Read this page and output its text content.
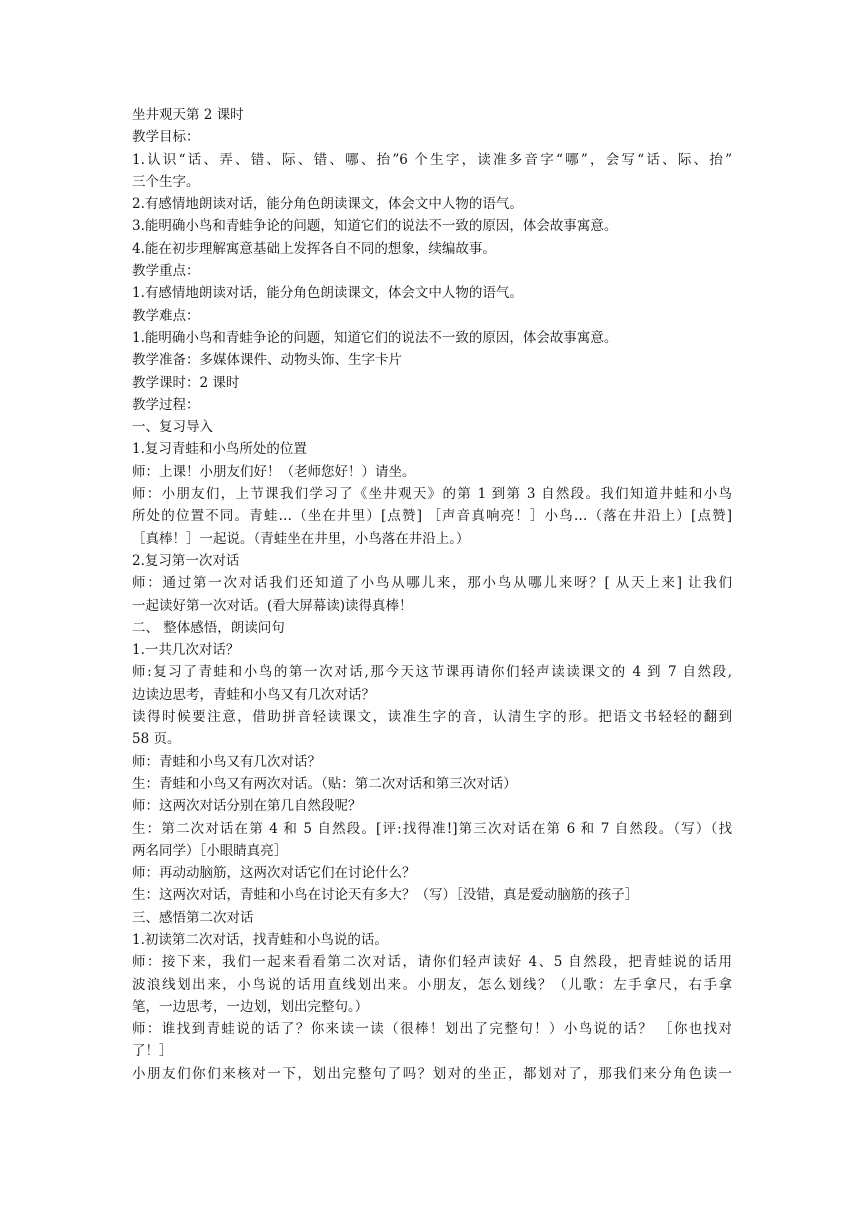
坐井观天第 2 课时
教学目标：
1.认识“话、弄、错、际、错、哪、抬”6 个生字，读准多音字“哪”，会写“话、际、抬”
三个生字。
2.有感情地朗读对话，能分角色朗读课文，体会文中人物的语气。
3.能明确小鸟和青蛙争论的问题，知道它们的说法不一致的原因，体会故事寓意。
4.能在初步理解寓意基础上发挥各自不同的想象，续编故事。
教学重点：
1.有感情地朗读对话，能分角色朗读课文，体会文中人物的语气。
教学难点：
1.能明确小鸟和青蛙争论的问题，知道它们的说法不一致的原因，体会故事寓意。
教学准备：多媒体课件、动物头饰、生字卡片
教学课时：2 课时
教学过程：
一、复习导入
1.复习青蛙和小鸟所处的位置
师：上课！小朋友们好！（老师您好！）请坐。
师：小朋友们，上节课我们学习了《坐井观天》的第 1 到第 3 自然段。我们知道井蛙和小鸟
所处的位置不同。青蛙…（坐在井里）[点赞] ［声音真响亮！］小鸟…（落在井沿上）[点赞]
［真棒！］一起说。（青蛙坐在井里，小鸟落在井沿上。）
2.复习第一次对话
师：通过第一次对话我们还知道了小鸟从哪儿来，那小鸟从哪儿来呀？[ 从天上来] 让我们
一起读好第一次对话。(看大屏幕读)读得真棒！
二、 整体感悟，朗读问句
1.一共几次对话？
师:复习了青蛙和小鸟的第一次对话,那今天这节课再请你们轻声读读课文的 4 到 7 自然段,
边读边思考，青蛙和小鸟又有几次对话？
读得时候要注意，借助拼音轻读课文，读准生字的音，认清生字的形。把语文书轻轻的翻到
58 页。
师：青蛙和小鸟又有几次对话？
生：青蛙和小鸟又有两次对话。（贴：第二次对话和第三次对话）
师：这两次对话分别在第几自然段呢？
生：第二次对话在第 4 和 5 自然段。[评:找得准!]第三次对话在第 6 和 7 自然段。（写）（找
两名同学）［小眼睛真亮］
师：再动动脑筋，这两次对话它们在讨论什么？
生：这两次对话，青蛙和小鸟在讨论天有多大？（写）［没错，真是爱动脑筋的孩子］
三、感悟第二次对话
1.初读第二次对话，找青蛙和小鸟说的话。
师：接下来，我们一起来看看第二次对话，请你们轻声读好 4、5 自然段，把青蛙说的话用
波浪线划出来，小鸟说的话用直线划出来。小朋友，怎么划线？（儿歌：左手拿尺，右手拿
笔，一边思考，一边划，划出完整句。）
师：谁找到青蛙说的话了？你来读一读（很棒！划出了完整句！）小鸟说的话？ ［你也找对
了！］
小朋友们你们来核对一下，划出完整句了吗？划对的坐正，都划对了，那我们来分角色读一
